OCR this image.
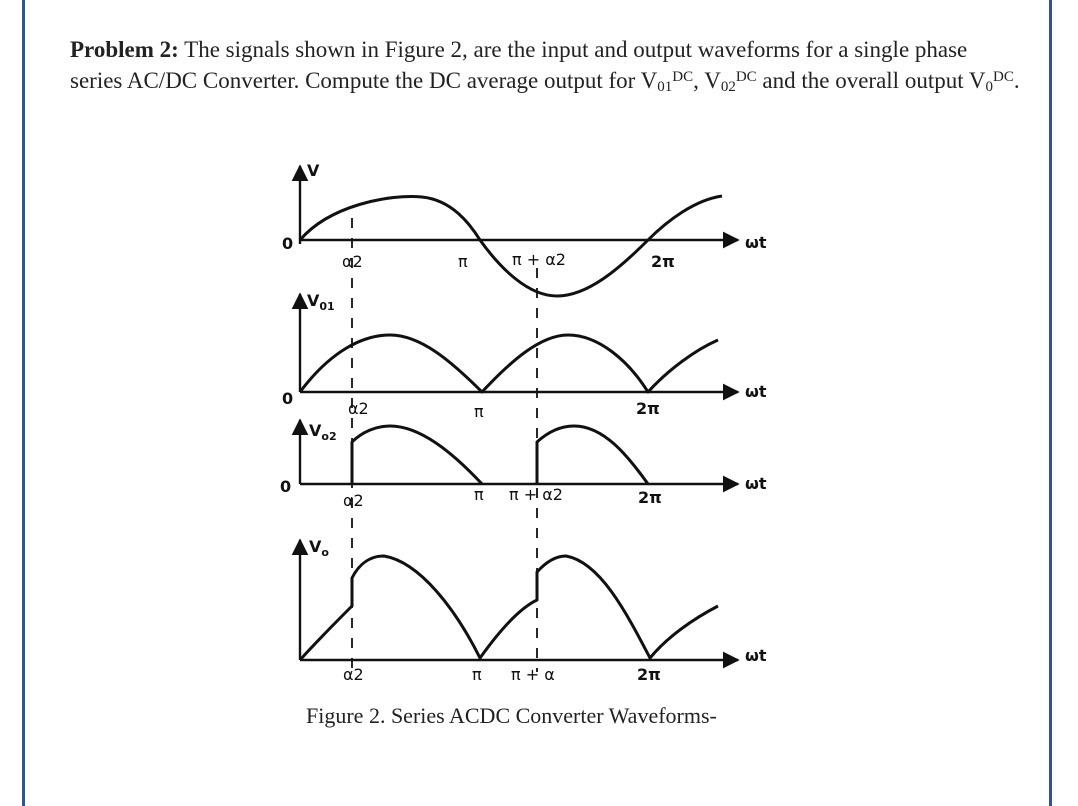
Problem 2: The signals shown in Figure 2, are the input and output waveforms for a single phase series AC/DC Converter. Compute the DC average output for $V_{01}^{DC}$, $V_{02}^{DC}$ and the overall output $V_0^{DC}$.
V
0	ωt
α2	π	π + α2	2π
$V_{01}$
0	ωt
α2	π	2π
$V_{o2}$
0	ωt
α2	π π + α2	2π
$V_o$
ωt
α2	π π + α	2π
Figure 2. Series ACDC Converter Waveforms-
